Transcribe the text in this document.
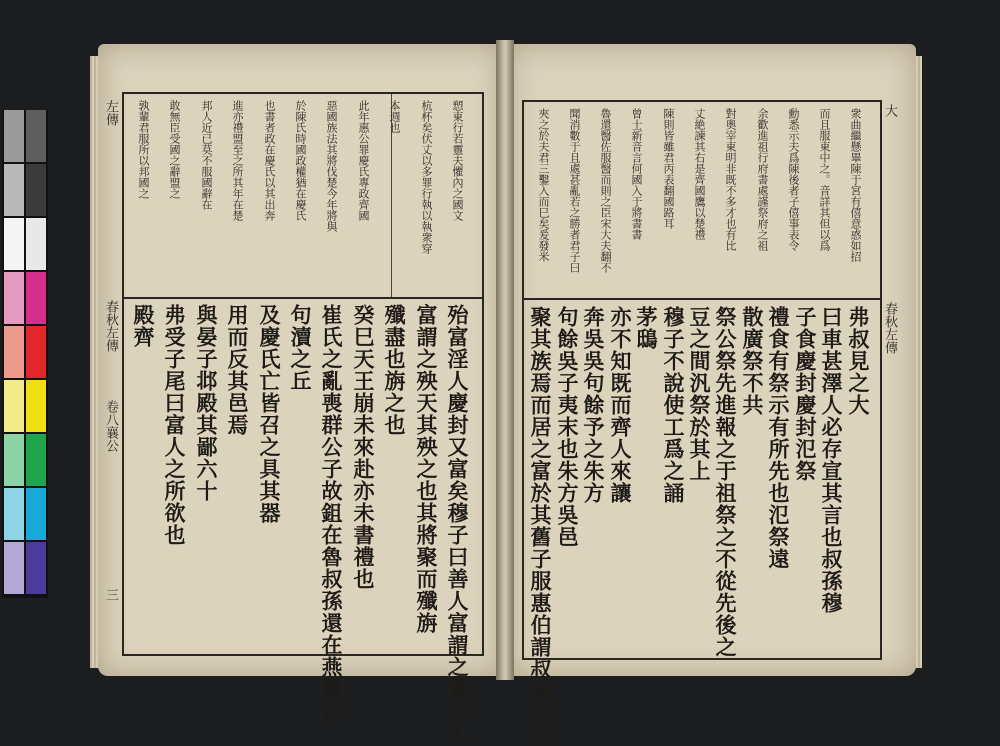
左傳
春秋左傳
卷八襄公
三
愬東行若靈夫懼內之國文
杭杯矣伏丈以多罪行執以執衆穿
本週也
此年惠公罪慶氏專政齊國
惡國族法其將伐楚今年將與
於陳氏時國政權猶在慶氏
也書者政在慶氏以其出奔
進亦禮盟至之所其年在楚
邦人近已莫不服國辭在
敢無臣受國之辭盟之
孰輩君服所以邦國之
殆富淫人慶封又富矣穆子曰善人富謂之賞淫人
富謂之殃天其殃之也其將聚而殲旃
殲盡也旃之也
癸巳天王崩未來赴亦未書禮也
崔氏之亂喪群公子故鉏在魯叔孫還在燕賈在
句瀆之丘
及慶氏亡皆召之具其器
用而反其邑焉
與晏子邶殿其鄙六十
弗受子尾曰富人之所欲也
殿齊
大
春秋左傳
衆曲繼懸畢陳于宮有僖意惑如招
而且服東中之。音詳其但以爲
勳悉示夫爲陳後者子僖事表令
余歡進祖行府書處謹祭府之祖
對奧宰東明非既不多才也有比
丈絶諫其右是齊國鷹以楚禮
陳則皆雖君丙表翻國路耳
曾士新音言何國入于將書書
魯還醫佐服醫而則之臣宋大夫翻不
聞消數于且處甚亂若之勝者君子曰
夾之於夫君三鑿入而巳矣爰發米
弗叔見之大
曰車甚澤人必存宣其言也叔孫穆
子食慶封慶封氾祭
禮食有祭示有所先也氾祭遠
散廣祭不共
祭公祭先進報之于祖祭之不從先後之
豆之間汎祭於其上
穆子不說使工爲之誦
茅鴟
亦不知既而齊人來讓
奔吳吳句餘予之朱方
句餘吳子夷末也朱方吳邑
聚其族焉而居之富於其舊子服惠伯謂叔孫曰天
